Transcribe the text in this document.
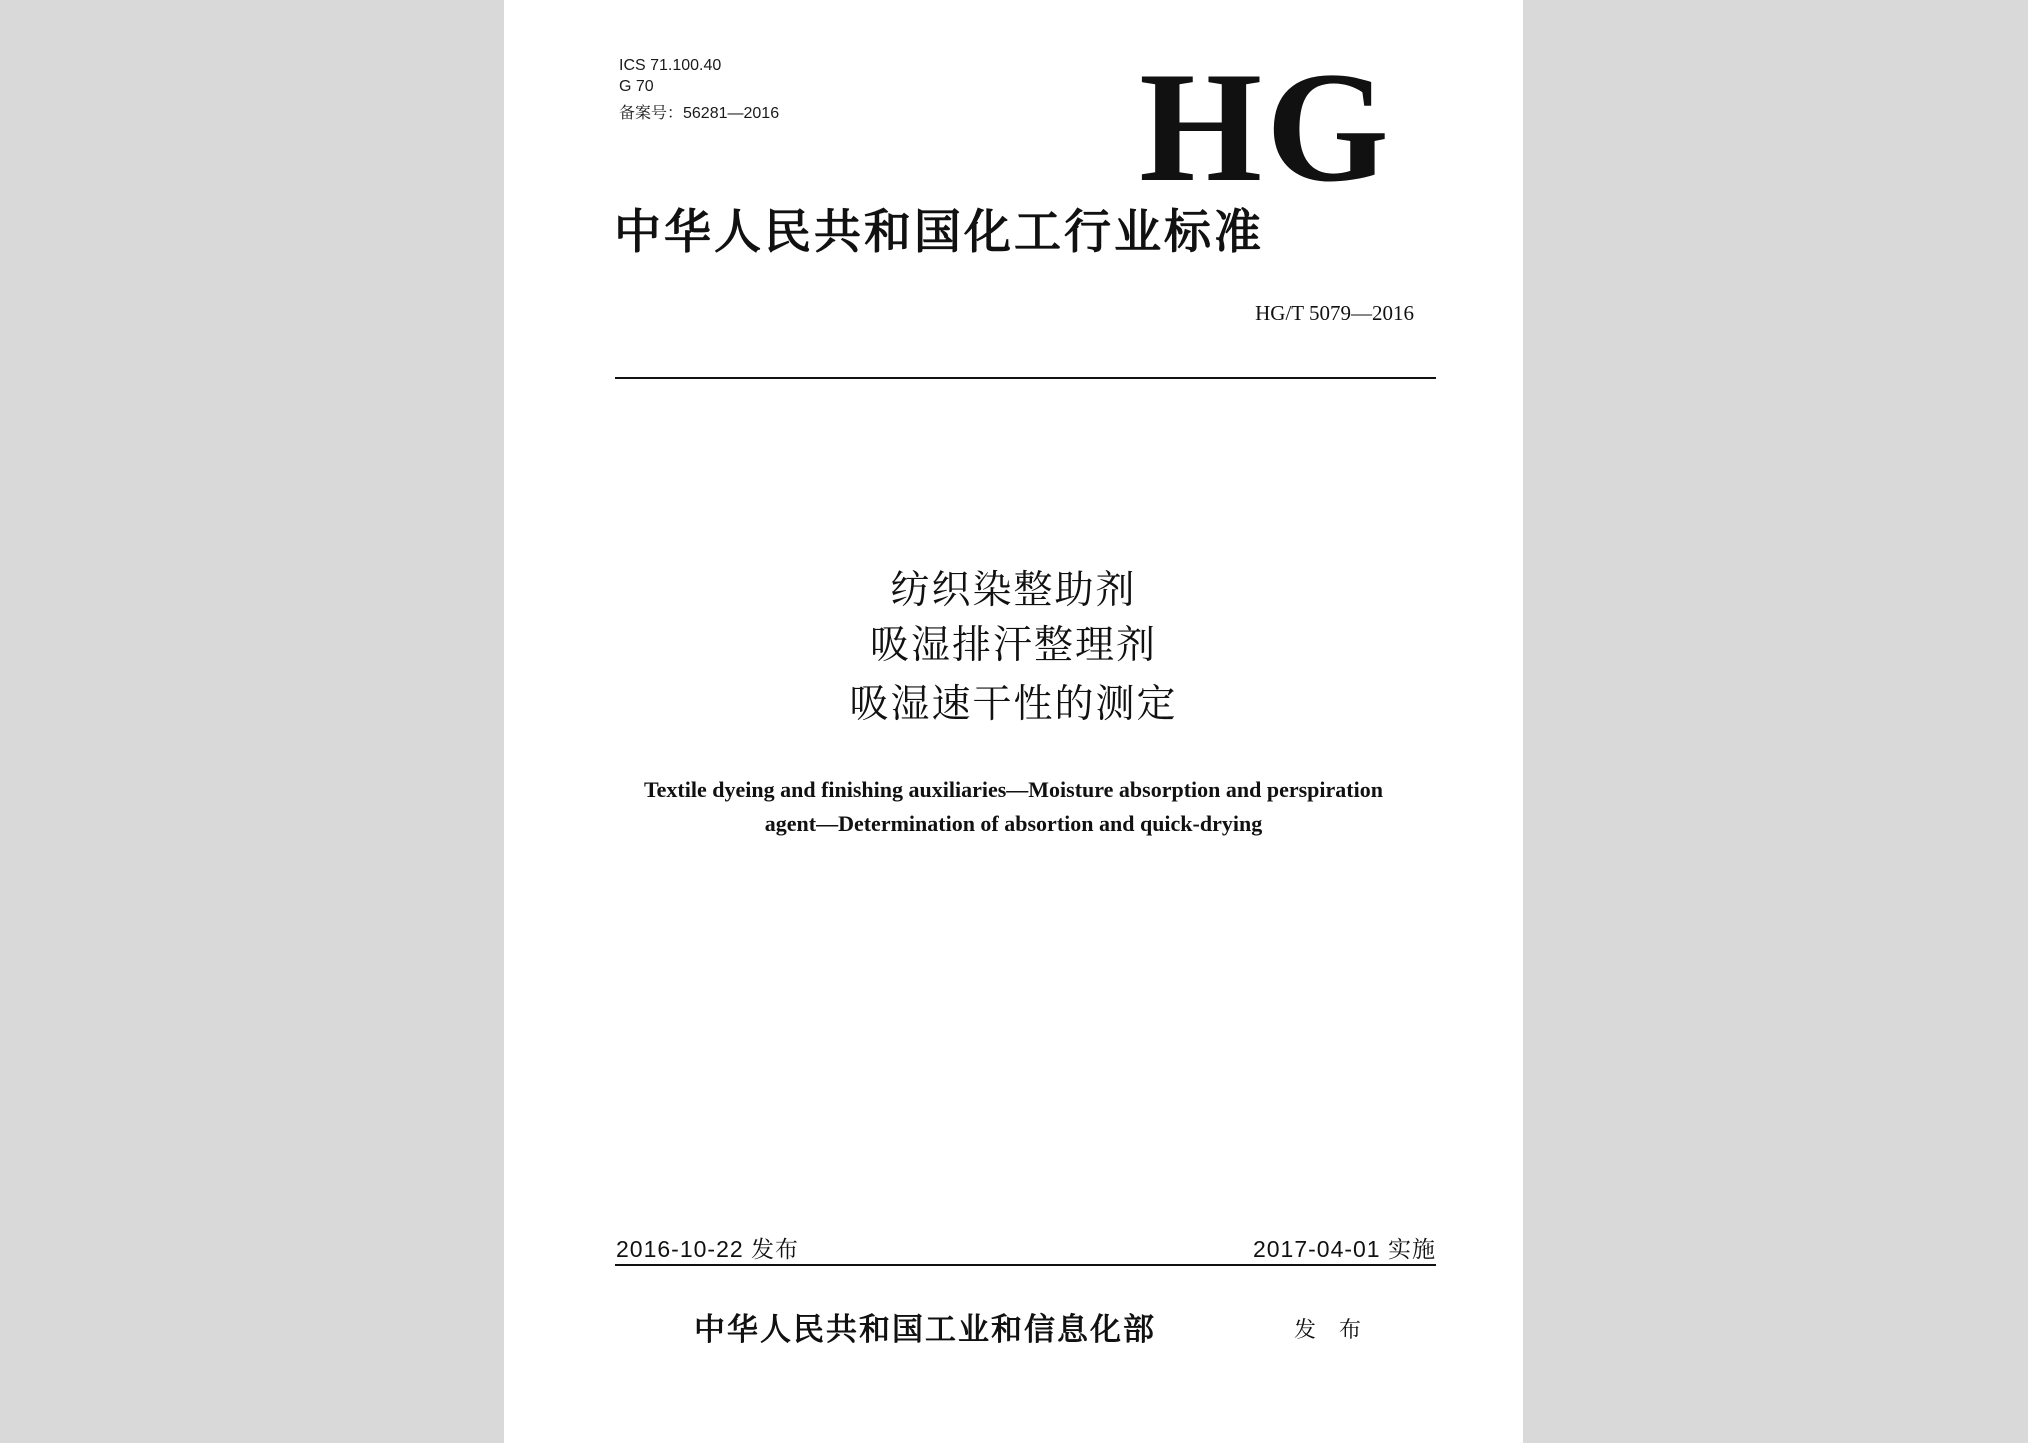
ICS 71.100.40
G 70
备案号：56281—2016 HG
中华人民共和国化工行业标准
HG/T 5079—2016
纺织染整助剂
吸湿排汗整理剂
吸湿速干性的测定
Textile dyeing and finishing auxiliaries—Moisture absorption and perspiration
agent—Determination of absortion and quick-drying
2016-10-22 发布	2017-04-01 实施
中华人民共和国工业和信息化部	发 布
